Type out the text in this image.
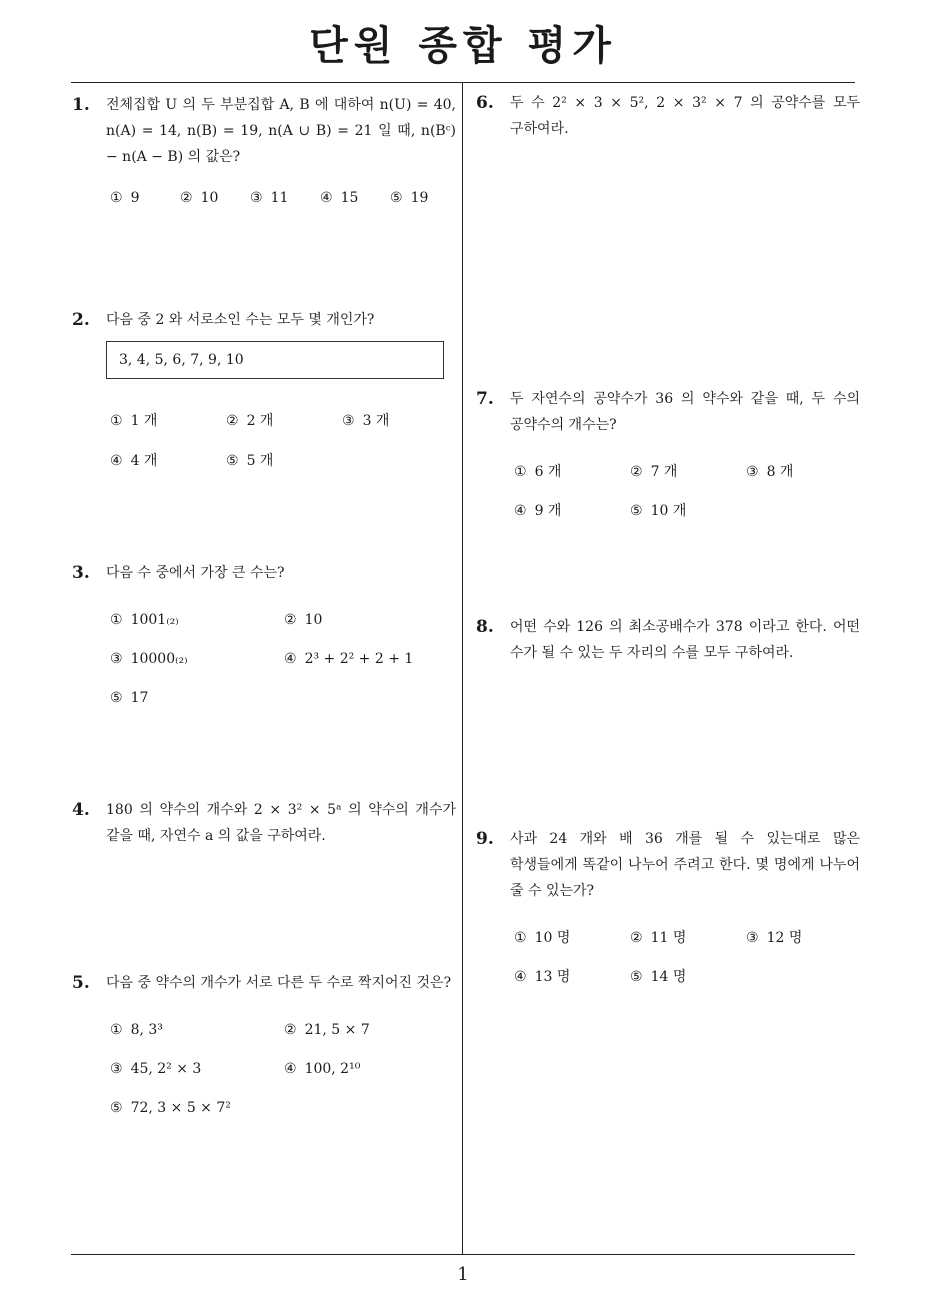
단원 종합 평가
1
1.	전체집합 U 의 두 부분집합 A, B 에 대하여 n(U) = 40, n(A) = 14, n(B) = 19, n(A ∪ B) = 21 일 때, n(Bᶜ) − n(A − B) 의 값은?
① 9	② 10 ③ 11 ④ 15 ⑤ 19
2.	다음 중 2 와 서로소인 수는 모두 몇 개인가?
3, 4, 5, 6, 7, 9, 10
① 1 개	② 2 개	③ 3 개
④ 4 개	⑤ 5 개
3.	다음 수 중에서 가장 큰 수는?
① 1001₍₂₎	② 10
③ 10000₍₂₎	④ 2³ + 2² + 2 + 1
⑤ 17
4.	180 의 약수의 개수와 2 × 3² × 5ᵃ 의 약수의 개수가 같을 때, 자연수 a 의 값을 구하여라.
5.	다음 중 약수의 개수가 서로 다른 두 수로 짝지어진 것은?
① 8, 3³	② 21, 5 × 7
③ 45, 2² × 3	④ 100, 2¹⁰
⑤ 72, 3 × 5 × 7²
6.	두 수 2² × 3 × 5², 2 × 3² × 7 의 공약수를 모두 구하여라.
7.	두 자연수의 공약수가 36 의 약수와 같을 때, 두 수의 공약수의 개수는?
① 6 개	② 7 개	③ 8 개
④ 9 개	⑤ 10 개
8.	어떤 수와 126 의 최소공배수가 378 이라고 한다. 어떤 수가 될 수 있는 두 자리의 수를 모두 구하여라.
9.	사과 24 개와 배 36 개를 될 수 있는대로 많은 학생들에게 똑같이 나누어 주려고 한다. 몇 명에게 나누어 줄 수 있는가?
① 10 명	② 11 명	③ 12 명
④ 13 명	⑤ 14 명
